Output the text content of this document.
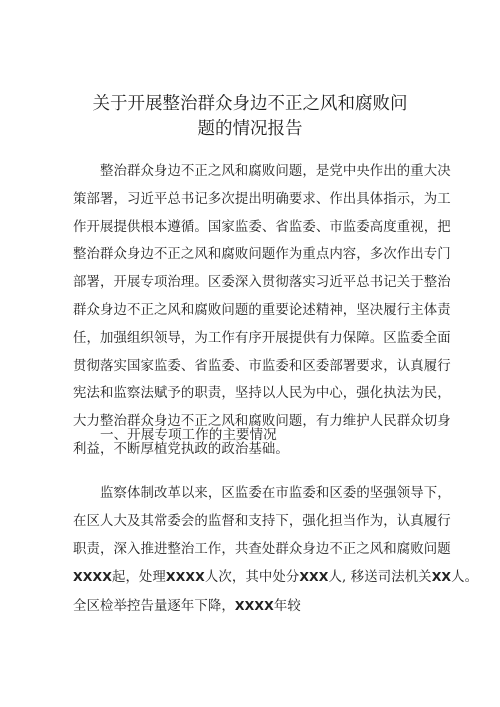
关于开展整治群众身边不正之风和腐败问
题的情况报告
整治群众身边不正之风和腐败问题，是党中央作出的重大决
策部署，习近平总书记多次提出明确要求、作出具体指示，为工
作开展提供根本遵循。国家监委、省监委、市监委高度重视，把
整治群众身边不正之风和腐败问题作为重点内容，多次作出专门
部署，开展专项治理。区委深入贯彻落实习近平总书记关于整治
群众身边不正之风和腐败问题的重要论述精神，坚决履行主体责
任，加强组织领导，为工作有序开展提供有力保障。区监委全面
贯彻落实国家监委、省监委、市监委和区委部署要求，认真履行
宪法和监察法赋予的职责，坚持以人民为中心，强化执法为民，
大力整治群众身边不正之风和腐败问题，有力维护人民群众切身
利益，不断厚植党执政的政治基础。
一、开展专项工作的主要情况
监察体制改革以来，区监委在市监委和区委的坚强领导下，
在区人大及其常委会的监督和支持下，强化担当作为，认真履行
职责，深入推进整治工作，共查处群众身边不正之风和腐败问题
XXXX起，处理XXXX人次，其中处分XXX人, 移送司法机关XX人。
全区检举控告量逐年下降，XXXX年较
